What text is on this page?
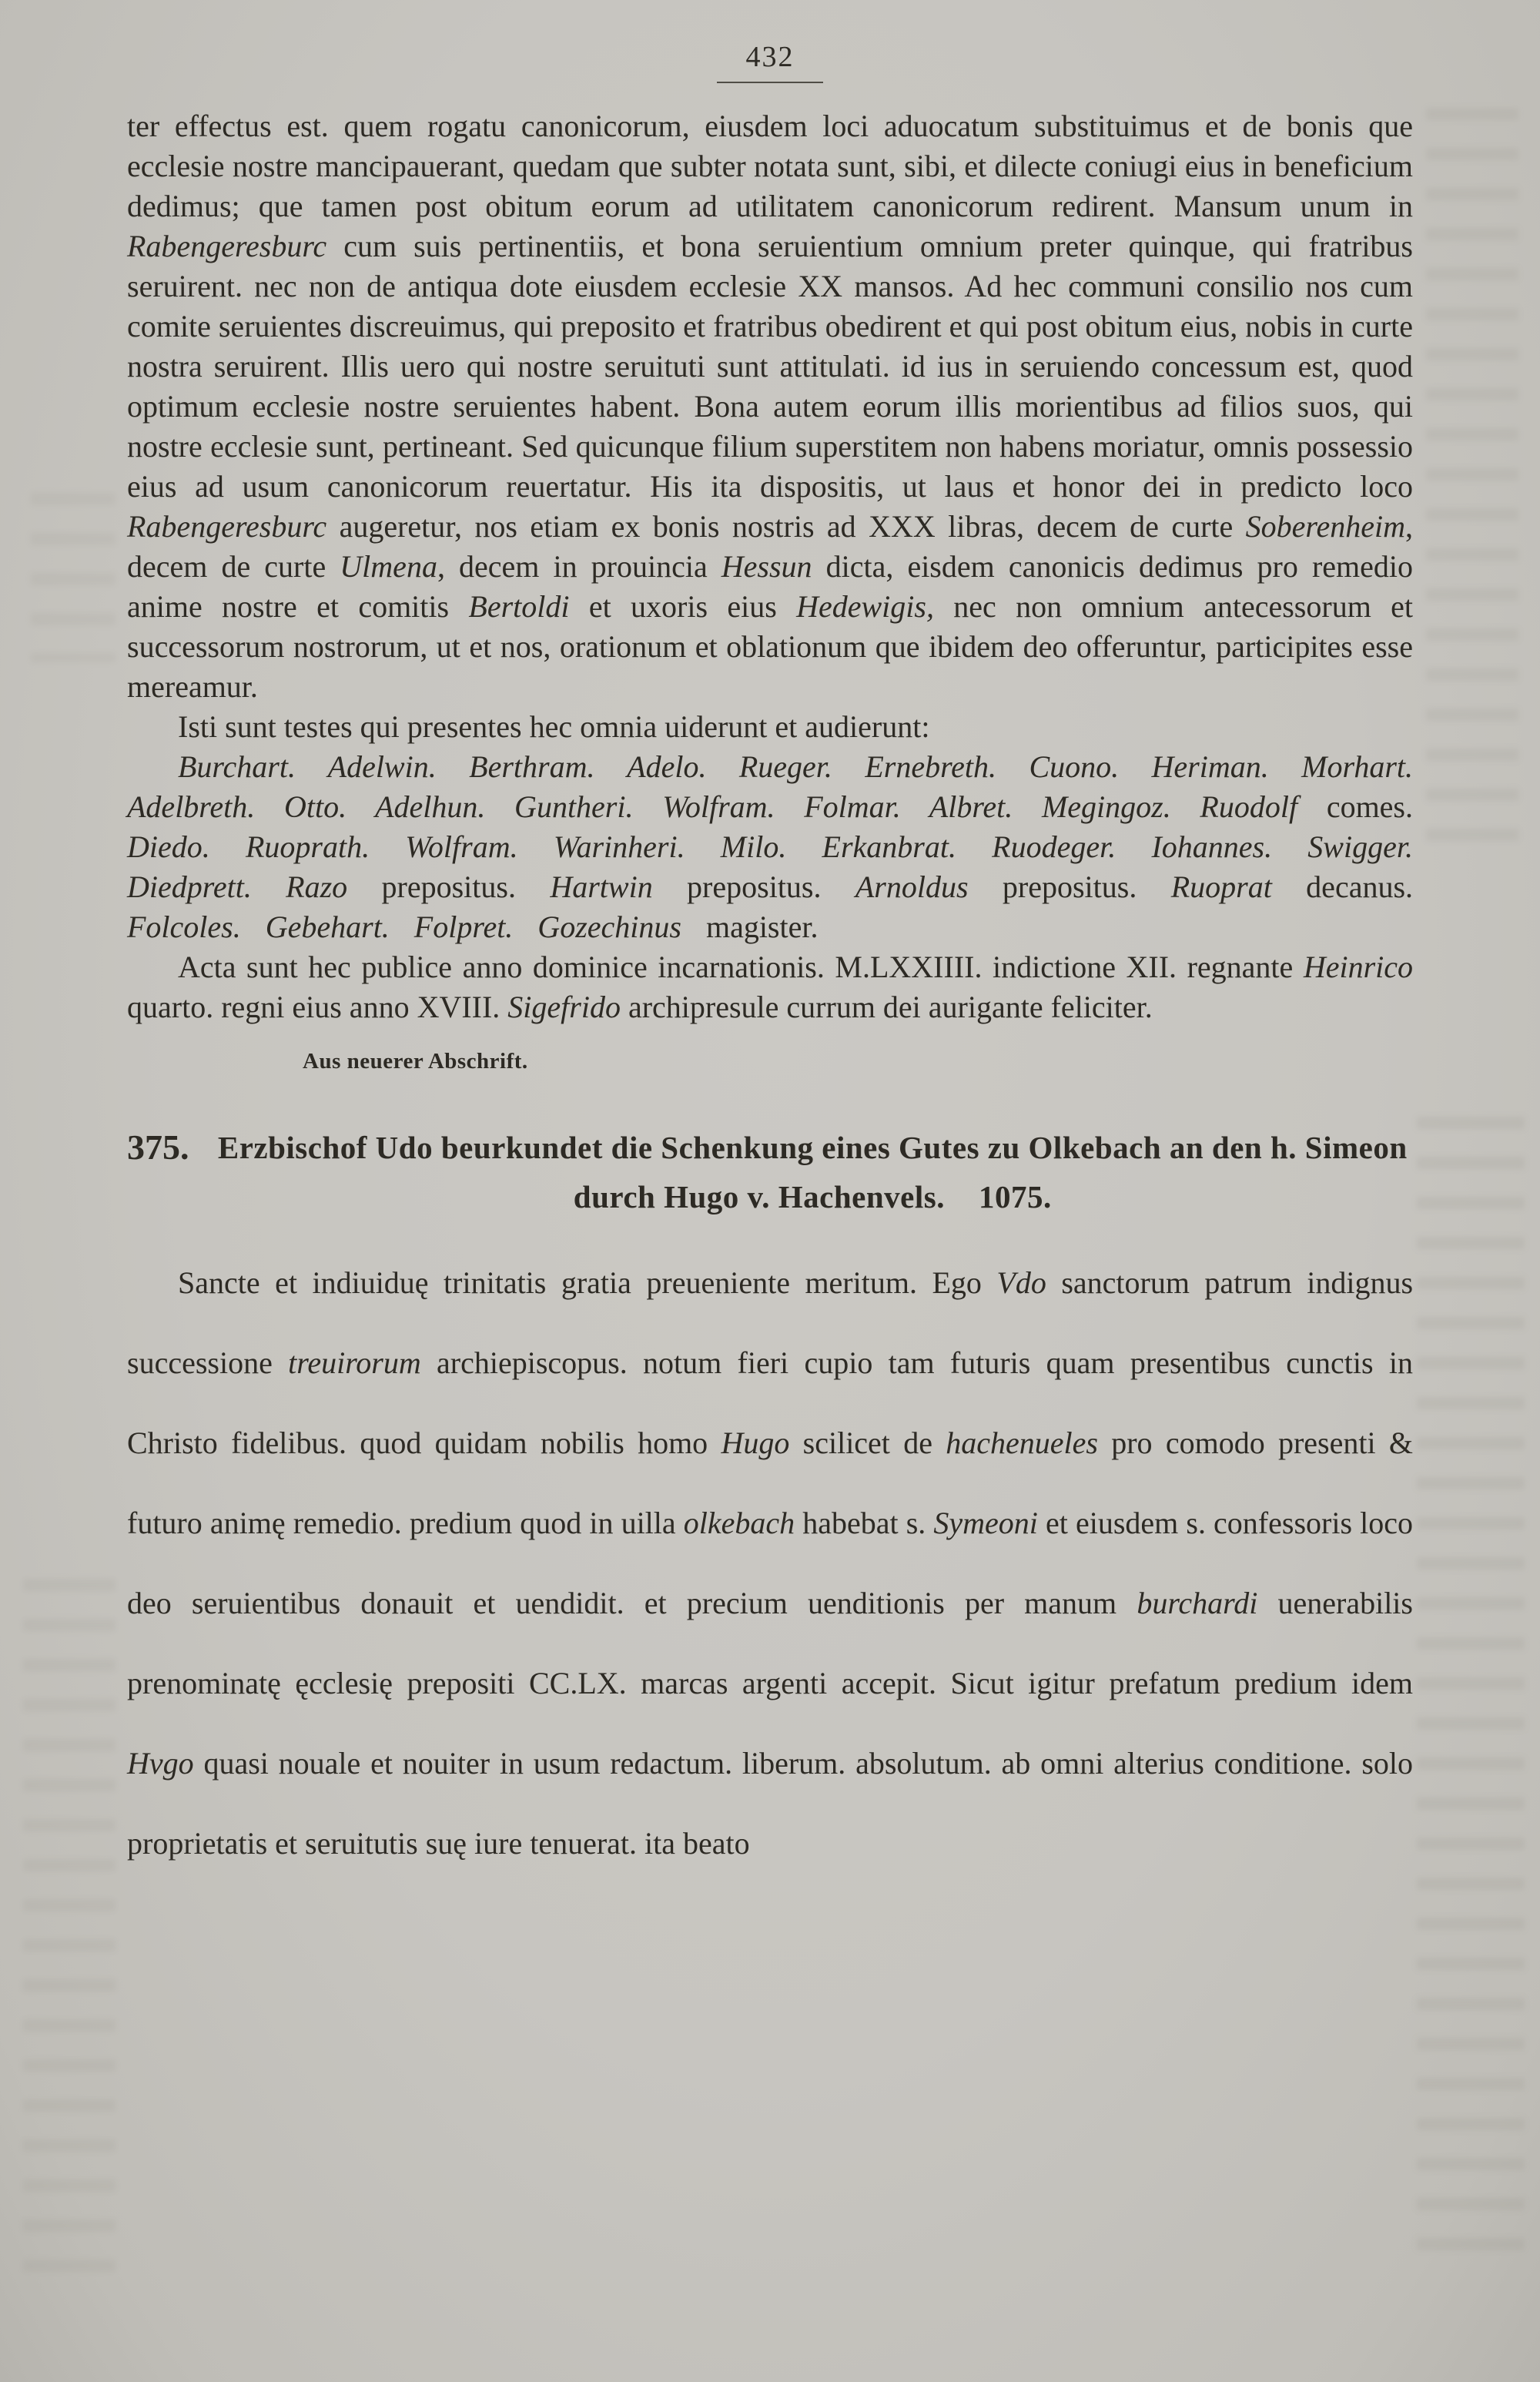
432

ter effectus est. quem rogatu canonicorum, eiusdem loci aduocatum substituimus et de bonis que ecclesie nostre mancipauerant, quedam que subter notata sunt, sibi, et dilecte coniugi eius in beneficium dedimus; que tamen post obitum eorum ad utilitatem canonicorum redirent. Mansum unum in Rabengeresburc cum suis pertinentiis, et bona seruientium omnium preter quinque, qui fratribus seruirent. nec non de antiqua dote eiusdem ecclesie XX mansos. Ad hec communi consilio nos cum comite seruientes discreuimus, qui preposito et fratribus obedirent et qui post obitum eius, nobis in curte nostra seruirent. Illis uero qui nostre seruituti sunt attitulati. id ius in seruiendo concessum est, quod optimum ecclesie nostre seruientes habent. Bona autem eorum illis morientibus ad filios suos, qui nostre ecclesie sunt, pertineant. Sed quicunque filium superstitem non habens moriatur, omnis possessio eius ad usum canonicorum reuertatur. His ita dispositis, ut laus et honor dei in predicto loco Rabengeresburc augeretur, nos etiam ex bonis nostris ad XXX libras, decem de curte Soberenheim, decem de curte Ulmena, decem in prouincia Hessun dicta, eisdem canonicis dedimus pro remedio anime nostre et comitis Bertoldi et uxoris eius Hedewigis, nec non omnium antecessorum et successorum nostrorum, ut et nos, orationum et oblationum que ibidem deo offeruntur, participites esse mereamur.

Isti sunt testes qui presentes hec omnia uiderunt et audierunt:

Burchart. Adelwin. Berthram. Adelo. Rueger. Ernebreth. Cuono. Heriman. Morhart. Adelbreth. Otto. Adelhun. Guntheri. Wolfram. Folmar. Albret. Megingoz. Ruodolf comes. Diedo. Ruoprath. Wolfram. Warinheri. Milo. Erkanbrat. Ruodeger. Iohannes. Swigger. Diedprett. Razo prepositus. Hartwin prepositus. Arnoldus prepositus. Ruoprat decanus. Folcoles. Gebehart. Folpret. Gozechinus magister.

Acta sunt hec publice anno dominice incarnationis. M.LXXIIII. indictione XII. regnante Heinrico quarto. regni eius anno XVIII. Sigefrido archipresule currum dei aurigante feliciter.

Aus neuerer Abschrift.

375. Erzbischof Udo beurkundet die Schenkung eines Gutes zu Olkebach an den h. Simeon durch Hugo v. Hachenvels. 1075.

Sancte et indiuiduę trinitatis gratia preueniente meritum. Ego Vdo sanctorum patrum indignus successione treuirorum archiepiscopus. notum fieri cupio tam futuris quam presentibus cunctis in Christo fidelibus. quod quidam nobilis homo Hugo scilicet de hachenueles pro comodo presenti & futuro animę remedio. predium quod in uilla olkebach habebat s. Symeoni et eiusdem s. confessoris loco deo seruientibus donauit et uendidit. et precium uenditionis per manum burchardi uenerabilis prenominatę ęcclesię prepositi CC.LX. marcas argenti accepit. Sicut igitur prefatum predium idem Hvgo quasi nouale et nouiter in usum redactum. liberum. absolutum. ab omni alterius conditione. solo proprietatis et seruitutis suę iure tenuerat. ita beato
